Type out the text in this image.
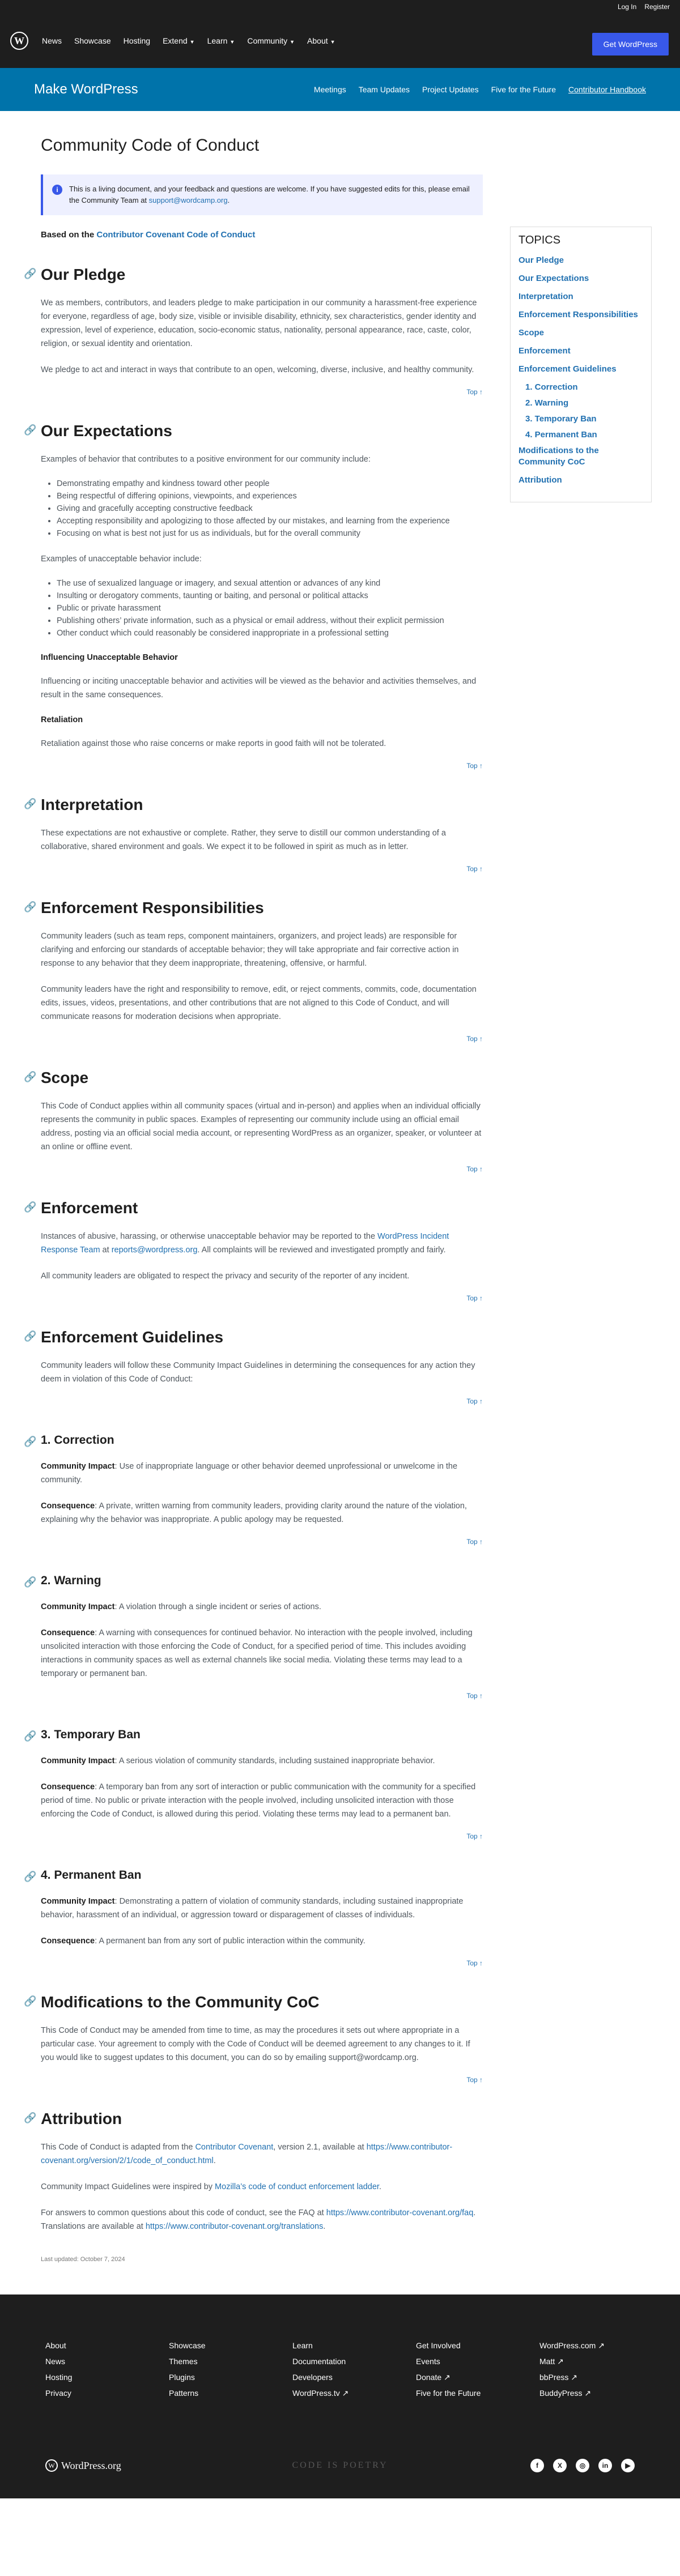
Log In Register
W	News Showcase Hosting Extend ▼ Learn ▼ Community ▼ About ▼	Get WordPress
Make WordPress	Meetings Team Updates Project Updates Five for the Future Contributor Handbook
Community Code of Conduct
i	This is a living document, and your feedback and questions are welcome. If you have suggested edits for this, please email the Community Team at support@wordcamp.org.
Based on the Contributor Covenant Code of Conduct
🔗 Our Pledge

We as members, contributors, and leaders pledge to make participation in our community a harassment-free experience for everyone, regardless of age, body size, visible or invisible disability, ethnicity, sex characteristics, gender identity and expression, level of experience, education, socio-economic status, nationality, personal appearance, race, caste, color, religion, or sexual identity and orientation.

We pledge to act and interact in ways that contribute to an open, welcoming, diverse, inclusive, and healthy community.

Top ↑
🔗 Our Expectations

Examples of behavior that contributes to a positive environment for our community include:

• Demonstrating empathy and kindness toward other people
• Being respectful of differing opinions, viewpoints, and experiences
• Giving and gracefully accepting constructive feedback
• Accepting responsibility and apologizing to those affected by our mistakes, and learning from the experience
• Focusing on what is best not just for us as individuals, but for the overall community

Examples of unacceptable behavior include:

• The use of sexualized language or imagery, and sexual attention or advances of any kind
• Insulting or derogatory comments, taunting or baiting, and personal or political attacks
• Public or private harassment
• Publishing others’ private information, such as a physical or email address, without their explicit permission
• Other conduct which could reasonably be considered inappropriate in a professional setting
Influencing Unacceptable Behavior

Influencing or inciting unacceptable behavior and activities will be viewed as the behavior and activities themselves, and result in the same consequences.

Retaliation

Retaliation against those who raise concerns or make reports in good faith will not be tolerated.

Top ↑
🔗 Interpretation

These expectations are not exhaustive or complete. Rather, they serve to distill our common understanding of a collaborative, shared environment and goals. We expect it to be followed in spirit as much as in letter.

Top ↑
🔗 Enforcement Responsibilities

Community leaders (such as team reps, component maintainers, organizers, and project leads) are responsible for clarifying and enforcing our standards of acceptable behavior; they will take appropriate and fair corrective action in response to any behavior that they deem inappropriate, threatening, offensive, or harmful.

Community leaders have the right and responsibility to remove, edit, or reject comments, commits, code, documentation edits, issues, videos, presentations, and other contributions that are not aligned to this Code of Conduct, and will communicate reasons for moderation decisions when appropriate.

Top ↑
🔗 Scope

This Code of Conduct applies within all community spaces (virtual and in-person) and applies when an individual officially represents the community in public spaces. Examples of representing our community include using an official email address, posting via an official social media account, or representing WordPress as an organizer, speaker, or volunteer at an online or offline event.

Top ↑
🔗 Enforcement

Instances of abusive, harassing, or otherwise unacceptable behavior may be reported to the WordPress Incident Response Team at reports@wordpress.org. All complaints will be reviewed and investigated promptly and fairly.

All community leaders are obligated to respect the privacy and security of the reporter of any incident.

Top ↑
🔗 Enforcement Guidelines

Community leaders will follow these Community Impact Guidelines in determining the consequences for any action they deem in violation of this Code of Conduct:

Top ↑
🔗 1. Correction

Community Impact: Use of inappropriate language or other behavior deemed unprofessional or unwelcome in the community.

Consequence: A private, written warning from community leaders, providing clarity around the nature of the violation, explaining why the behavior was inappropriate. A public apology may be requested.

Top ↑
🔗 2. Warning

Community Impact: A violation through a single incident or series of actions.

Consequence: A warning with consequences for continued behavior. No interaction with the people involved, including unsolicited interaction with those enforcing the Code of Conduct, for a specified period of time. This includes avoiding interactions in community spaces as well as external channels like social media. Violating these terms may lead to a temporary or permanent ban.

Top ↑
🔗 3. Temporary Ban

Community Impact: A serious violation of community standards, including sustained inappropriate behavior.

Consequence: A temporary ban from any sort of interaction or public communication with the community for a specified period of time. No public or private interaction with the people involved, including unsolicited interaction with those enforcing the Code of Conduct, is allowed during this period. Violating these terms may lead to a permanent ban.

Top ↑
🔗 4. Permanent Ban

Community Impact: Demonstrating a pattern of violation of community standards, including sustained inappropriate behavior, harassment of an individual, or aggression toward or disparagement of classes of individuals.

Consequence: A permanent ban from any sort of public interaction within the community.

Top ↑
🔗 Modifications to the Community CoC

This Code of Conduct may be amended from time to time, as may the procedures it sets out where appropriate in a particular case. Your agreement to comply with the Code of Conduct will be deemed agreement to any changes to it. If you would like to suggest updates to this document, you can do so by emailing support@wordcamp.org.

Top ↑
🔗 Attribution

This Code of Conduct is adapted from the Contributor Covenant, version 2.1, available at https://www.contributor-covenant.org/version/2/1/code_of_conduct.html.

Community Impact Guidelines were inspired by Mozilla’s code of conduct enforcement ladder.

For answers to common questions about this code of conduct, see the FAQ at https://www.contributor-covenant.org/faq. Translations are available at https://www.contributor-covenant.org/translations.

Last updated: October 7, 2024
TOPICS
Our Pledge
Our Expectations
Interpretation
Enforcement Responsibilities
Scope
Enforcement
Enforcement Guidelines
1. Correction
2. Warning
3. Temporary Ban
4. Permanent Ban
Modifications to the Community CoC
Attribution
About
News
Hosting
Privacy
Showcase
Themes
Plugins
Patterns
Learn
Documentation
Developers
WordPress.tv ↗
Get Involved
Events
Donate ↗
Five for the Future
WordPress.com ↗
Matt ↗
bbPress ↗
BuddyPress ↗
W WordPress.org	CODE IS POETRY	f	X	◎	in	▶
